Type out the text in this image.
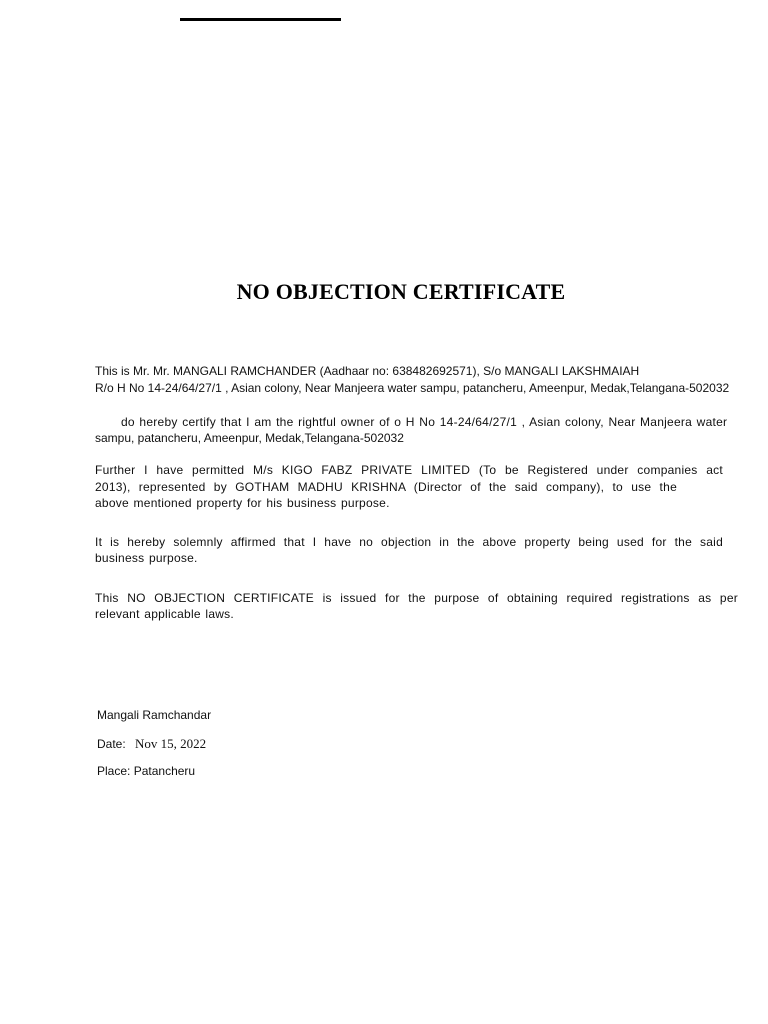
NO OBJECTION CERTIFICATE
This is Mr. Mr. MANGALI RAMCHANDER (Aadhaar no: 638482692571), S/o MANGALI LAKSHMAIAH
R/o H No 14-24/64/27/1 , Asian colony, Near Manjeera water sampu, patancheru, Ameenpur, Medak,Telangana-502032
do hereby certify that I am the rightful owner of o H No 14-24/64/27/1 , Asian colony, Near Manjeera water
sampu, patancheru, Ameenpur, Medak,Telangana-502032
Further I have permitted M/s KIGO FABZ PRIVATE LIMITED (To be Registered under companies act
2013), represented by GOTHAM MADHU KRISHNA (Director of the said company), to use the
above mentioned property for his business purpose.
It is hereby solemnly affirmed that I have no objection in the above property being used for the said
business purpose.
This NO OBJECTION CERTIFICATE is issued for the purpose of obtaining required registrations as per
relevant applicable laws.
Mangali Ramchandar
Date: Nov 15, 2022
Place: Patancheru
